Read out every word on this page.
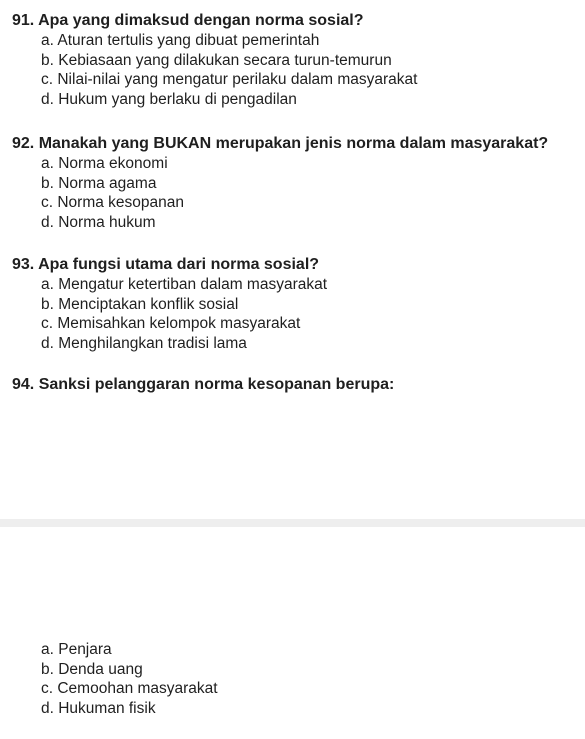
91. Apa yang dimaksud dengan norma sosial?
a. Aturan tertulis yang dibuat pemerintah
b. Kebiasaan yang dilakukan secara turun-temurun
c. Nilai-nilai yang mengatur perilaku dalam masyarakat
d. Hukum yang berlaku di pengadilan
92. Manakah yang BUKAN merupakan jenis norma dalam masyarakat?
a. Norma ekonomi
b. Norma agama
c. Norma kesopanan
d. Norma hukum
93. Apa fungsi utama dari norma sosial?
a. Mengatur ketertiban dalam masyarakat
b. Menciptakan konflik sosial
c. Memisahkan kelompok masyarakat
d. Menghilangkan tradisi lama
94. Sanksi pelanggaran norma kesopanan berupa:
a. Penjara
b. Denda uang
c. Cemoohan masyarakat
d. Hukuman fisik
